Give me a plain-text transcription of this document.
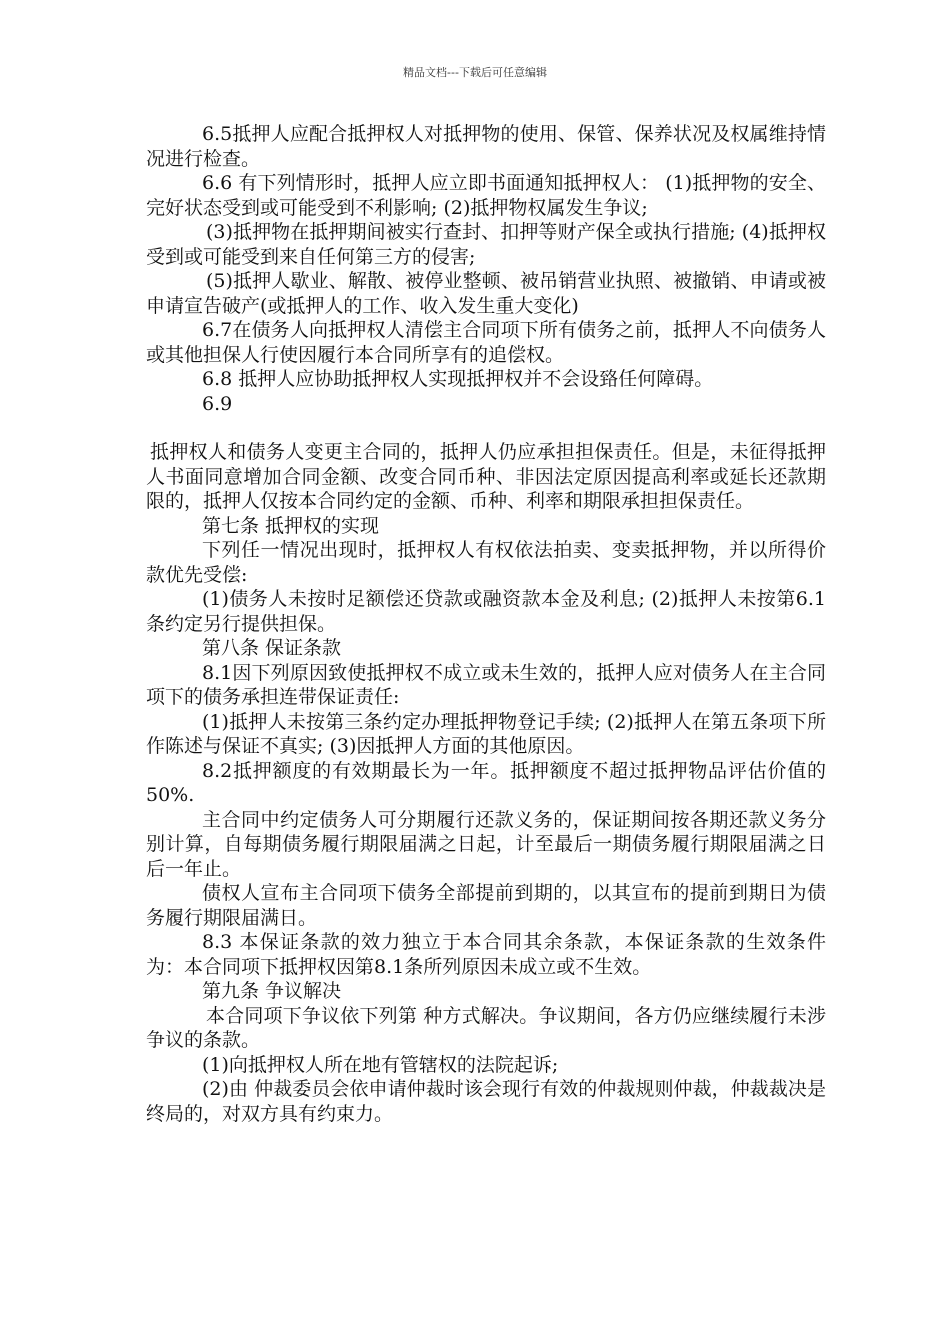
精品文档---下载后可任意编辑

6.5抵押人应配合抵押权人对抵押物的使用、保管、保养状况及权属维持情况进行检查。

6.6 有下列情形时，抵押人应立即书面通知抵押权人： (1)抵押物的安全、完好状态受到或可能受到不利影响; (2)抵押物权属发生争议;

(3)抵押物在抵押期间被实行查封、扣押等财产保全或执行措施; (4)抵押权受到或可能受到来自任何第三方的侵害;

(5)抵押人歇业、解散、被停业整顿、被吊销营业执照、被撤销、申请或被申请宣告破产(或抵押人的工作、收入发生重大变化)

6.7在债务人向抵押权人清偿主合同项下所有债务之前，抵押人不向债务人或其他担保人行使因履行本合同所享有的追偿权。

6.8 抵押人应协助抵押权人实现抵押权并不会设臵任何障碍。

6.9

抵押权人和债务人变更主合同的，抵押人仍应承担担保责任。但是，未征得抵押人书面同意增加合同金额、改变合同币种、非因法定原因提高利率或延长还款期限的，抵押人仅按本合同约定的金额、币种、利率和期限承担担保责任。

第七条 抵押权的实现

下列任一情况出现时，抵押权人有权依法拍卖、变卖抵押物，并以所得价款优先受偿:

(1)债务人未按时足额偿还贷款或融资款本金及利息; (2)抵押人未按第6.1条约定另行提供担保。

第八条 保证条款

8.1因下列原因致使抵押权不成立或未生效的，抵押人应对债务人在主合同项下的债务承担连带保证责任:

(1)抵押人未按第三条约定办理抵押物登记手续; (2)抵押人在第五条项下所作陈述与保证不真实; (3)因抵押人方面的其他原因。

8.2抵押额度的有效期最长为一年。抵押额度不超过抵押物品评估价值的50%.

主合同中约定债务人可分期履行还款义务的，保证期间按各期还款义务分别计算，自每期债务履行期限届满之日起，计至最后一期债务履行期限届满之日后一年止。

债权人宣布主合同项下债务全部提前到期的，以其宣布的提前到期日为债务履行期限届满日。

8.3 本保证条款的效力独立于本合同其余条款，本保证条款的生效条件为：本合同项下抵押权因第8.1条所列原因未成立或不生效。

第九条 争议解决

本合同项下争议依下列第 种方式解决。争议期间，各方仍应继续履行未涉争议的条款。

(1)向抵押权人所在地有管辖权的法院起诉;

(2)由 仲裁委员会依申请仲裁时该会现行有效的仲裁规则仲裁，仲裁裁决是终局的，对双方具有约束力。
